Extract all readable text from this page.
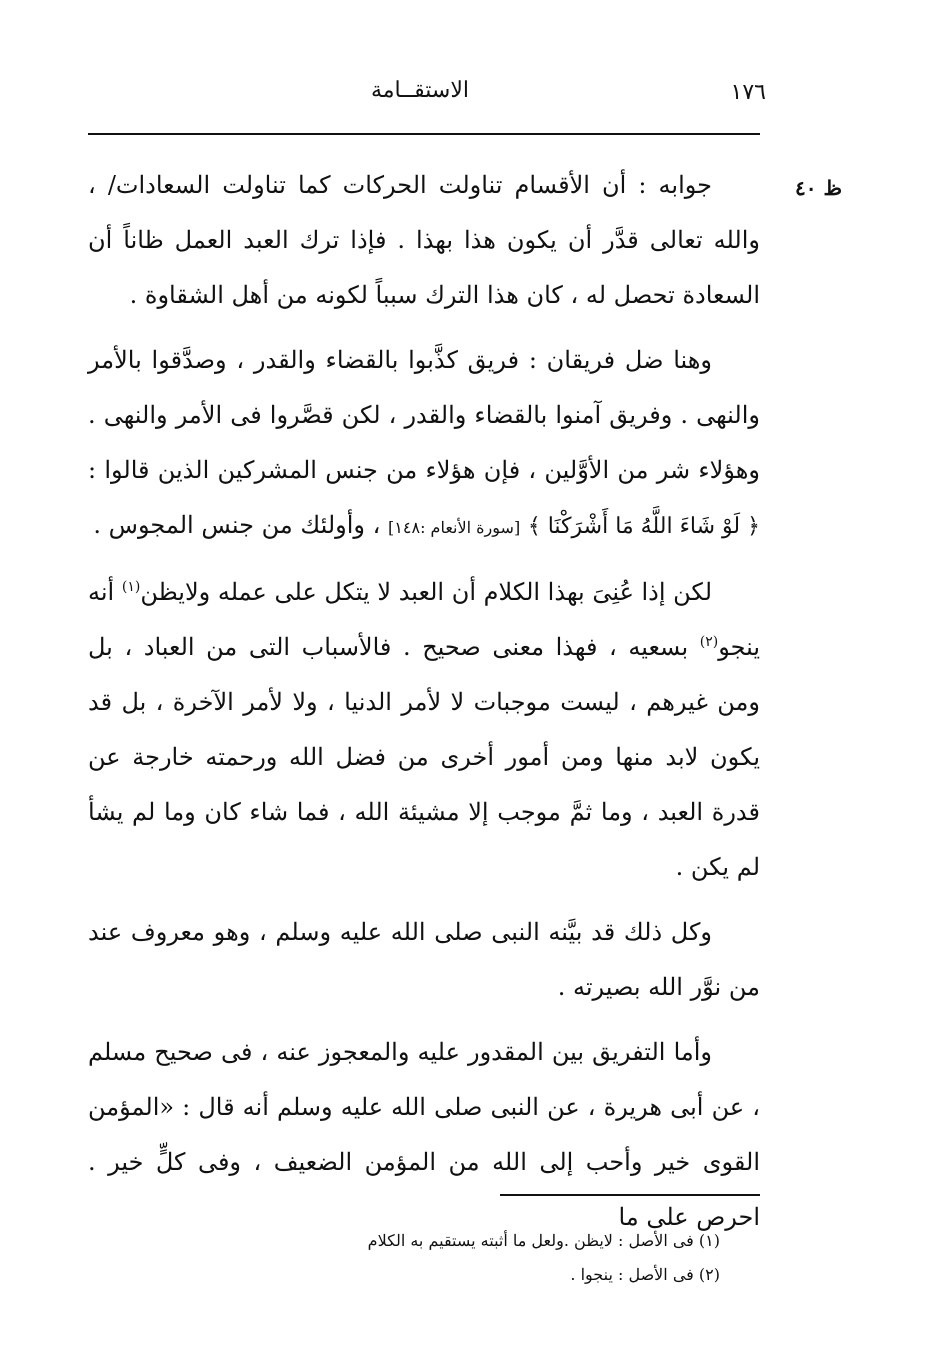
١٧٦
الاستقــامة
ظ ٤٠

جوابه : أن الأقسام تناولت الحركات كما تناولت السعادات/ ، والله تعالى قدَّر أن يكون هذا بهذا . فإذا ترك العبد العمل ظاناً أن السعادة تحصل له ، كان هذا الترك سبباً لكونه من أهل الشقاوة .

وهنا ضل فريقان : فريق كذَّبوا بالقضاء والقدر ، وصدَّقوا بالأمر والنهى . وفريق آمنوا بالقضاء والقدر ، لكن قصَّروا فى الأمر والنهى . وهؤلاء شر من الأوَّلين ، فإن هؤلاء من جنس المشركين الذين قالوا : ﴿ لَوْ شَاءَ اللَّهُ مَا أَشْرَكْنَا ﴾ [سورة الأنعام :١٤٨] ، وأولئك من جنس المجوس .

لكن إذا عُنِىَ بهذا الكلام أن العبد لا يتكل على عمله ولايظن$^{(١)}$ أنه ينجو$^{(٢)}$ بسعيه ، فهذا معنى صحيح . فالأسباب التى من العباد ، بل ومن غيرهم ، ليست موجبات لا لأمر الدنيا ، ولا لأمر الآخرة ، بل قد يكون لابد منها ومن أمور أخرى من فضل الله ورحمته خارجة عن قدرة العبد ، وما ثمَّ موجب إلا مشيئة الله ، فما شاء كان وما لم يشأ لم يكن .

وكل ذلك قد بيَّنه النبى صلى الله عليه وسلم ، وهو معروف عند من نوَّر الله بصيرته .

وأما التفريق بين المقدور عليه والمعجوز عنه ، فى صحيح مسلم ، عن أبى هريرة ، عن النبى صلى الله عليه وسلم أنه قال : «المؤمن القوى خير وأحب إلى الله من المؤمن الضعيف ، وفى كلٍّ خير . احرص على ما

(١) فى الأصل : لايظن .ولعل ما أثبته يستقيم به الكلام
(٢) فى الأصل : ينجوا .
